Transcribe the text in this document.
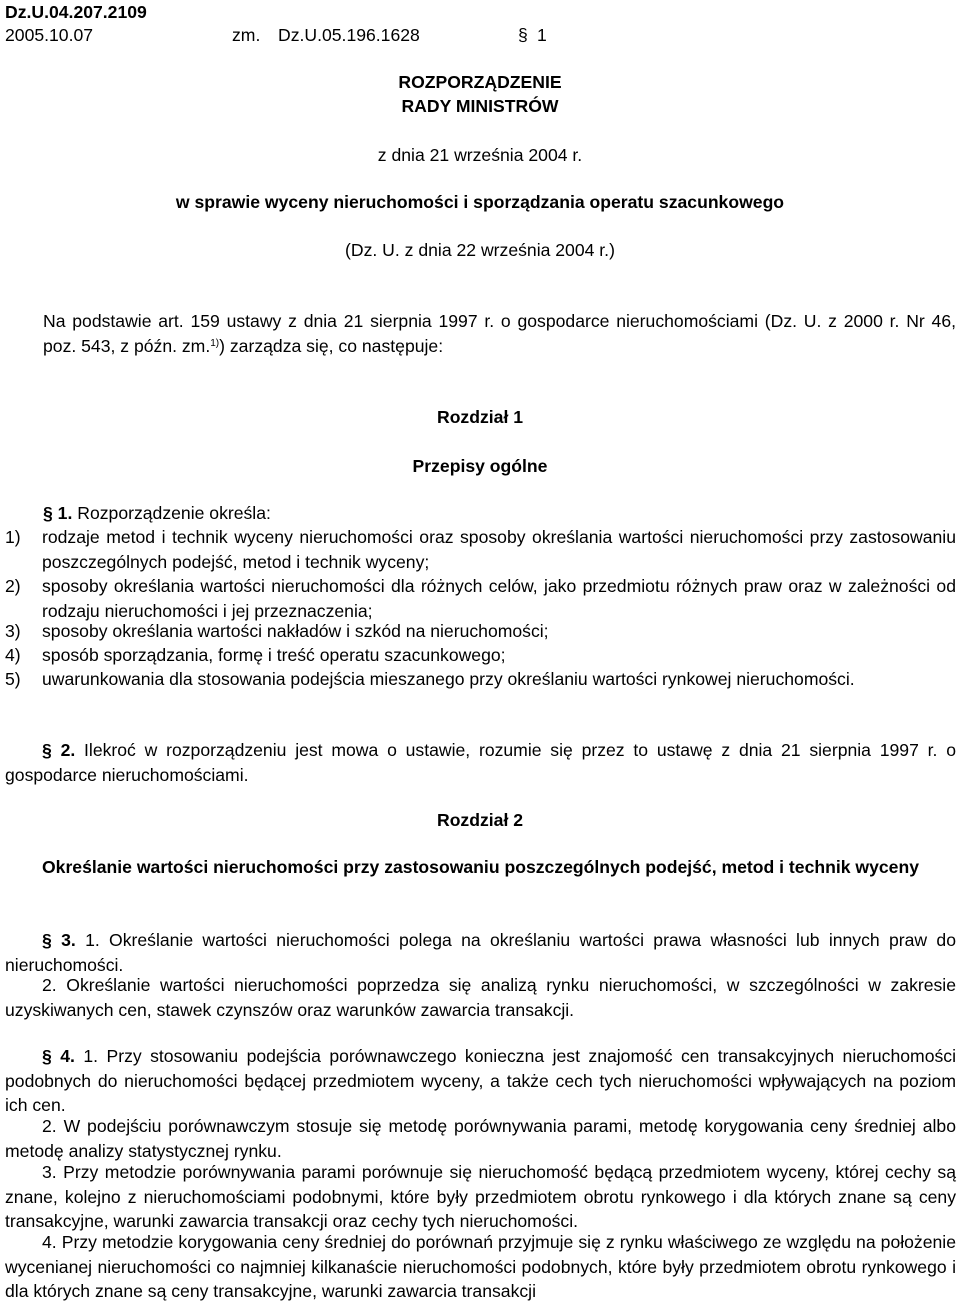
Dz.U.04.207.2109
2005.10.07	zm. Dz.U.05.196.1628	§ 1
ROZPORZĄDZENIE
RADY MINISTRÓW
z dnia 21 września 2004 r.
w sprawie wyceny nieruchomości i sporządzania operatu szacunkowego
(Dz. U. z dnia 22 września 2004 r.)
Na podstawie art. 159 ustawy z dnia 21 sierpnia 1997 r. o gospodarce nieruchomościami (Dz. U. z 2000 r. Nr 46, poz. 543, z późn. zm.$^{1)}$) zarządza się, co następuje:
Rozdział 1
Przepisy ogólne
§ 1. Rozporządzenie określa:
1) rodzaje metod i technik wyceny nieruchomości oraz sposoby określania wartości nieruchomości przy zastosowaniu poszczególnych podejść, metod i technik wyceny;
2) sposoby określania wartości nieruchomości dla różnych celów, jako przedmiotu różnych praw oraz w zależności od rodzaju nieruchomości i jej przeznaczenia;
3) sposoby określania wartości nakładów i szkód na nieruchomości;
4) sposób sporządzania, formę i treść operatu szacunkowego;
5) uwarunkowania dla stosowania podejścia mieszanego przy określaniu wartości rynkowej nieruchomości.
§ 2. Ilekroć w rozporządzeniu jest mowa o ustawie, rozumie się przez to ustawę z dnia 21 sierpnia 1997 r. o gospodarce nieruchomościami.
Rozdział 2
Określanie wartości nieruchomości przy zastosowaniu poszczególnych podejść, metod i technik wyceny
§ 3. 1. Określanie wartości nieruchomości polega na określaniu wartości prawa własności lub innych praw do nieruchomości.
2. Określanie wartości nieruchomości poprzedza się analizą rynku nieruchomości, w szczególności w zakresie uzyskiwanych cen, stawek czynszów oraz warunków zawarcia transakcji.
§ 4. 1. Przy stosowaniu podejścia porównawczego konieczna jest znajomość cen transakcyjnych nieruchomości podobnych do nieruchomości będącej przedmiotem wyceny, a także cech tych nieruchomości wpływających na poziom ich cen.
2. W podejściu porównawczym stosuje się metodę porównywania parami, metodę korygowania ceny średniej albo metodę analizy statystycznej rynku.
3. Przy metodzie porównywania parami porównuje się nieruchomość będącą przedmiotem wyceny, której cechy są znane, kolejno z nieruchomościami podobnymi, które były przedmiotem obrotu rynkowego i dla których znane są ceny transakcyjne, warunki zawarcia transakcji oraz cechy tych nieruchomości.
4. Przy metodzie korygowania ceny średniej do porównań przyjmuje się z rynku właściwego ze względu na położenie wycenianej nieruchomości co najmniej kilkanaście nieruchomości podobnych, które były przedmiotem obrotu rynkowego i dla których znane są ceny transakcyjne, warunki zawarcia transakcji
